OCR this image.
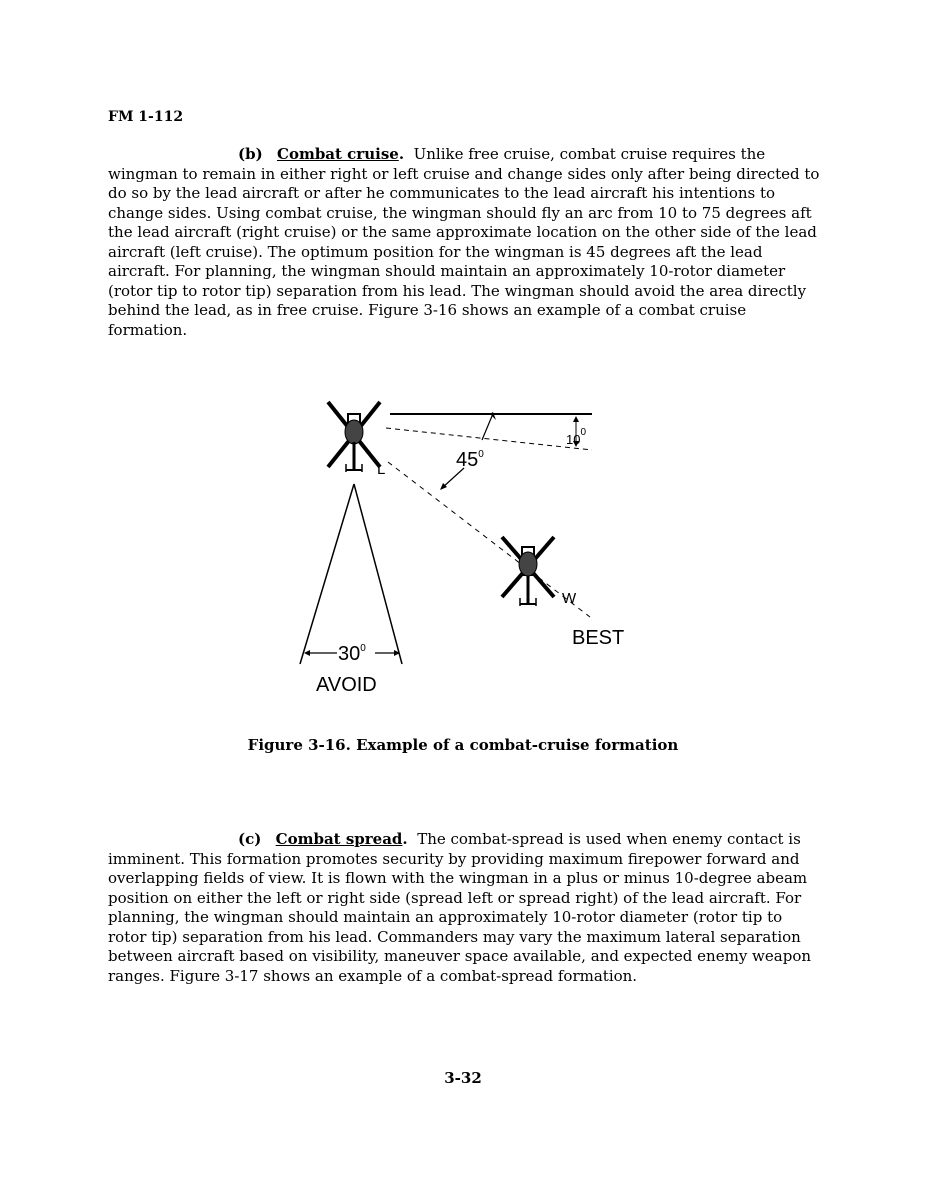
FM 1-112
(b) Combat cruise. Unlike free cruise, combat cruise requires the wingman to remain in either right or left cruise and change sides only after being directed to do so by the lead aircraft or after he communicates to the lead aircraft his intentions to change sides. Using combat cruise, the wingman should fly an arc from 10 to 75 degrees aft the lead aircraft (right cruise) or the same approximate location on the other side of the lead aircraft (left cruise). The optimum position for the wingman is 45 degrees aft the lead aircraft. For planning, the wingman should maintain an approximately 10-rotor diameter (rotor tip to rotor tip) separation from his lead. The wingman should avoid the area directly behind the lead, as in free cruise. Figure 3-16 shows an example of a combat cruise formation.
L
W
$10^0$
$45^0$
$30^0$	BEST
AVOID
Figure 3-16. Example of a combat-cruise formation
(c) Combat spread. The combat-spread is used when enemy contact is imminent. This formation promotes security by providing maximum firepower forward and overlapping fields of view. It is flown with the wingman in a plus or minus 10-degree abeam position on either the left or right side (spread left or spread right) of the lead aircraft. For planning, the wingman should maintain an approximately 10-rotor diameter (rotor tip to rotor tip) separation from his lead. Commanders may vary the maximum lateral separation between aircraft based on visibility, maneuver space available, and expected enemy weapon ranges. Figure 3-17 shows an example of a combat-spread formation.
3-32
